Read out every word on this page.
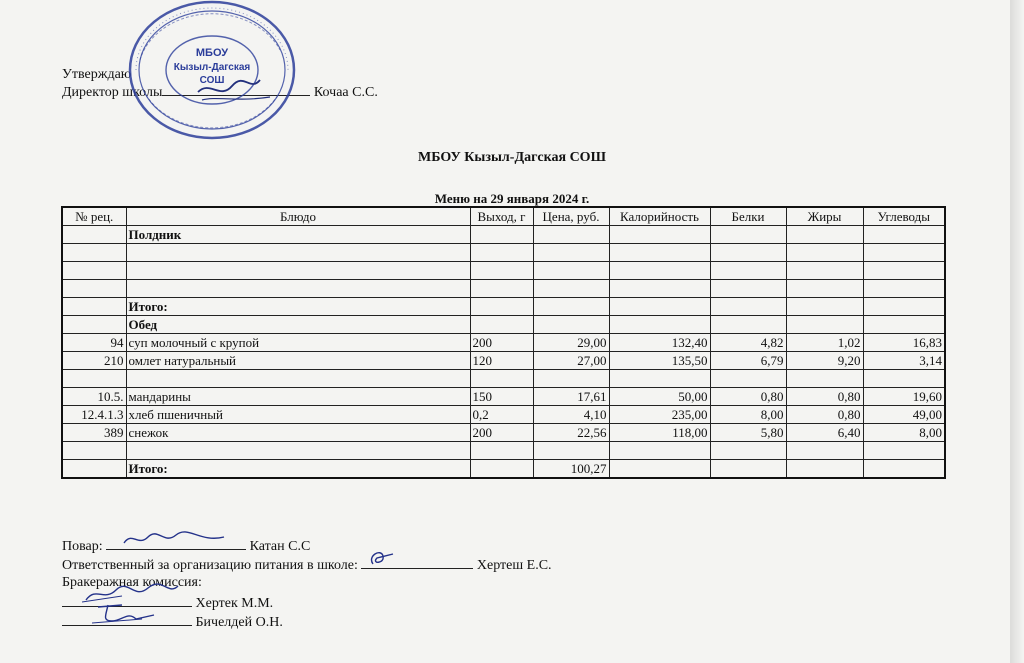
Утверждаю
Директор школы	Кочаа С.С.
МБОУ
Кызыл-Дагская
СОШ
МБОУ Кызыл-Дагская СОШ
Меню на 29 января 2024 г.
№ рец.	Блюдо	Выход, г	Цена, руб.	Калорийность	Белки	Жиры	Углеводы
	Полдник						

	Итого:						
	Обед						
94	суп молочный с крупой	200	29,00	132,40	4,82	1,02	16,83
210	омлет натуральный	120	27,00	135,50	6,79	9,20	3,14

10.5.	мандарины	150	17,61	50,00	0,80	0,80	19,60
12.4.1.3	хлеб пшеничный	0,2	4,10	235,00	8,00	0,80	49,00
389	снежок	200	22,56	118,00	5,80	6,40	8,00

	Итого:		100,27				
Повар:	Катан С.С
Ответственный за организацию питания в школе:	Хертеш Е.С.
Бракеражная комиссия:
Хертек М.М.
Бичелдей О.Н.
